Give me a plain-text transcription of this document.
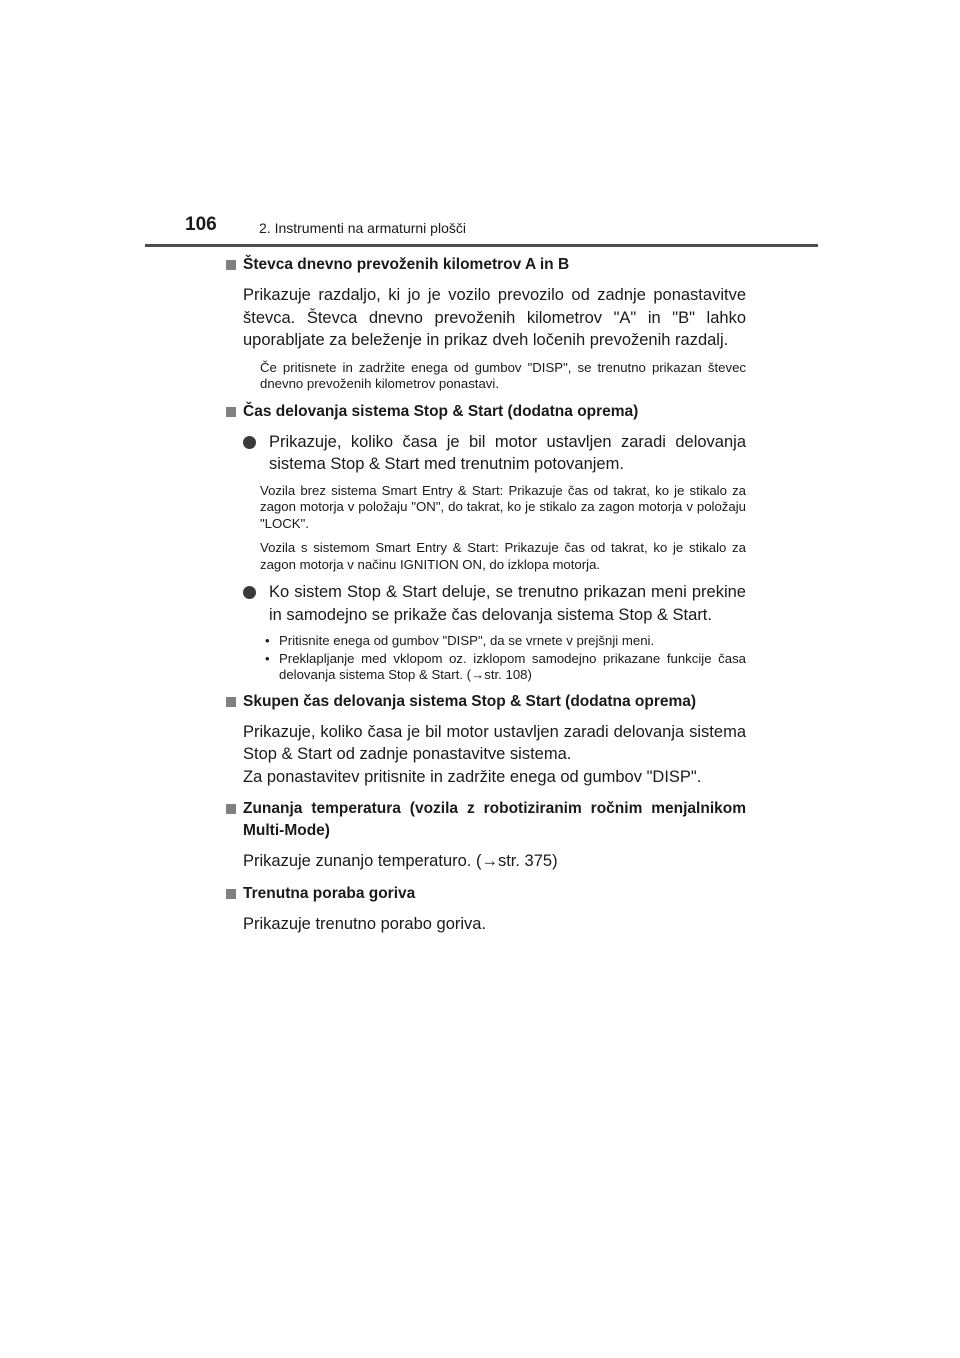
106	2. Instrumenti na armaturni plošči
Števca dnevno prevoženih kilometrov A in B
Prikazuje razdaljo, ki jo je vozilo prevozilo od zadnje ponastavitve števca. Števca dnevno prevoženih kilometrov "A" in "B" lahko uporabljate za beleženje in prikaz dveh ločenih prevoženih razdalj.
Če pritisnete in zadržite enega od gumbov "DISP", se trenutno prikazan števec dnevno prevoženih kilometrov ponastavi.
Čas delovanja sistema Stop & Start (dodatna oprema)
Prikazuje, koliko časa je bil motor ustavljen zaradi delovanja sistema Stop & Start med trenutnim potovanjem.
Vozila brez sistema Smart Entry & Start: Prikazuje čas od takrat, ko je stikalo za zagon motorja v položaju "ON", do takrat, ko je stikalo za zagon motorja v položaju "LOCK".
Vozila s sistemom Smart Entry & Start: Prikazuje čas od takrat, ko je stikalo za zagon motorja v načinu IGNITION ON, do izklopa motorja.
Ko sistem Stop & Start deluje, se trenutno prikazan meni prekine in samodejno se prikaže čas delovanja sistema Stop & Start.
• Pritisnite enega od gumbov "DISP", da se vrnete v prejšnji meni.
• Preklapljanje med vklopom oz. izklopom samodejno prikazane funkcije časa delovanja sistema Stop & Start. (→str. 108)
Skupen čas delovanja sistema Stop & Start (dodatna oprema)
Prikazuje, koliko časa je bil motor ustavljen zaradi delovanja sistema Stop & Start od zadnje ponastavitve sistema.
Za ponastavitev pritisnite in zadržite enega od gumbov "DISP".
Zunanja temperatura (vozila z robotiziranim ročnim menjalnikom Multi-Mode)
Prikazuje zunanjo temperaturo. (→str. 375)
Trenutna poraba goriva
Prikazuje trenutno porabo goriva.
